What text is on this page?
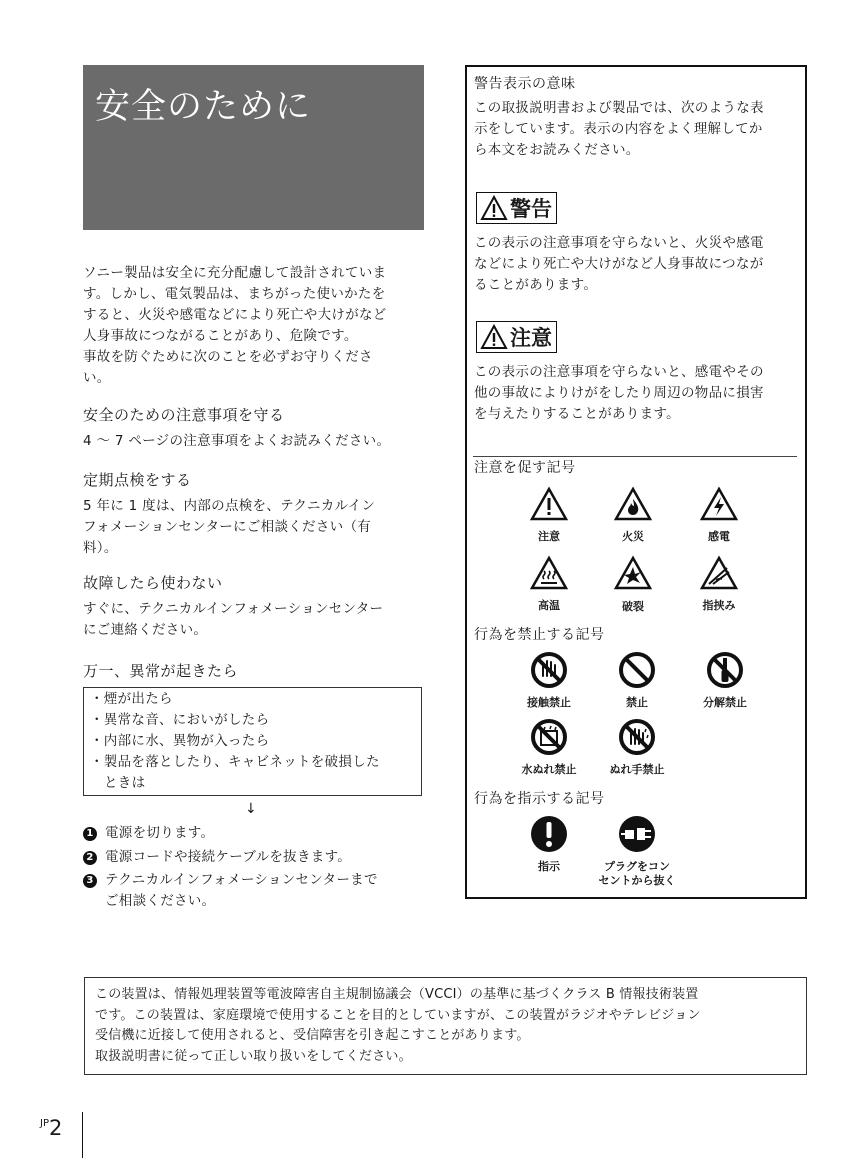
安全のために
ソニー製品は安全に充分配慮して設計されていま
す。しかし、電気製品は、まちがった使いかたを
すると、火災や感電などにより死亡や大けがなど
人身事故につながることがあり、危険です。
事故を防ぐために次のことを必ずお守りくださ
い。
安全のための注意事項を守る
4 ～ 7 ページの注意事項をよくお読みください。
定期点検をする
5 年に 1 度は、内部の点検を、テクニカルイン
フォメーションセンターにご相談ください（有
料）。
故障したら使わない
すぐに、テクニカルインフォメーションセンター
にご連絡ください。
万一、異常が起きたら
・煙が出たら
・異常な音、においがしたら
・内部に水、異物が入ったら
・製品を落としたり、キャビネットを破損した
ときは
↓
1 電源を切ります。
2 電源コードや接続ケーブルを抜きます。
3 テクニカルインフォメーションセンターまで
ご相談ください。
警告表示の意味
この取扱説明書および製品では、次のような表
示をしています。表示の内容をよく理解してか
ら本文をお読みください。
警告
この表示の注意事項を守らないと、火災や感電
などにより死亡や大けがなど人身事故につなが
ることがあります。
注意
この表示の注意事項を守らないと、感電やその
他の事故によりけがをしたり周辺の物品に損害
を与えたりすることがあります。
注意を促す記号
注意	火災	感電
高温	破裂	指挟み
行為を禁止する記号
接触禁止	禁止	分解禁止
水ぬれ禁止	ぬれ手禁止
行為を指示する記号
指示	プラグをコン
セントから抜く
この装置は、情報処理装置等電波障害自主規制協議会（VCCI）の基準に基づくクラス B 情報技術装置
です。この装置は、家庭環境で使用することを目的としていますが、この装置がラジオやテレビジョン
受信機に近接して使用されると、受信障害を引き起こすことがあります。
取扱説明書に従って正しい取り扱いをしてください。
$^{JP}$2
